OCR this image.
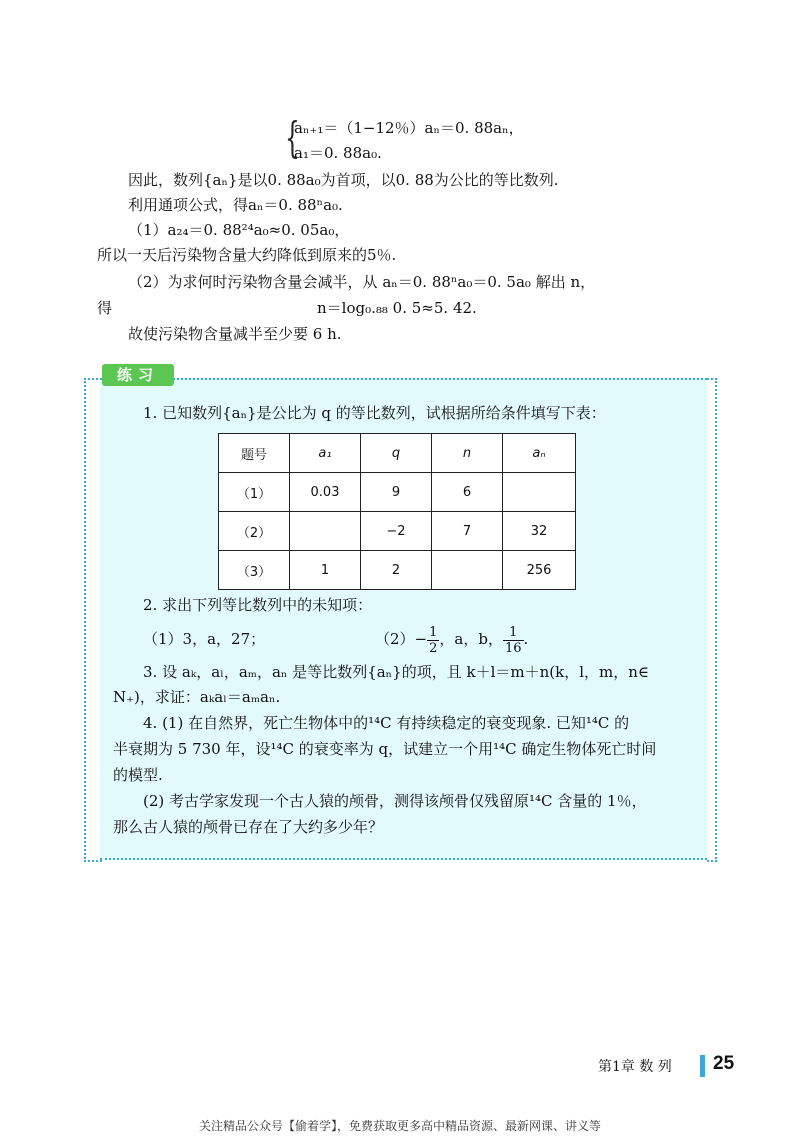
{
aₙ₊₁＝（1−12％）aₙ＝0. 88aₙ，
a₁＝0. 88a₀.
因此，数列{aₙ}是以0. 88a₀为首项，以0. 88为公比的等比数列.
利用通项公式，得aₙ＝0. 88ⁿa₀.
（1）a₂₄＝0. 88²⁴a₀≈0. 05a₀，
所以一天后污染物含量大约降低到原来的5％.
（2）为求何时污染物含量会减半，从 aₙ＝0. 88ⁿa₀＝0. 5a₀ 解出 n，
得	n＝log₀.₈₈ 0. 5≈5. 42.
故使污染物含量减半至少要 6 h.
练习
1. 已知数列{aₙ}是公比为 q 的等比数列，试根据所给条件填写下表：
题号	a₁	q	n	aₙ
（1）	0.03	9	6	
（2）		−2	7	32
（3）	1	2		256
2. 求出下列等比数列中的未知项：
（1）3，a，27；	$(2)- \frac{1}{2}$ ，a，b， $\frac{1}{16}$ .
3. 设 aₖ，aₗ，aₘ，aₙ 是等比数列{aₙ}的项，且 k＋l＝m＋n(k，l，m，n∈
N₊)，求证：aₖaₗ＝aₘaₙ.
4. (1) 在自然界，死亡生物体中的¹⁴C 有持续稳定的衰变现象. 已知¹⁴C 的
半衰期为 5 730 年，设¹⁴C 的衰变率为 q，试建立一个用¹⁴C 确定生物体死亡时间
的模型.
(2) 考古学家发现一个古人猿的颅骨，测得该颅骨仅残留原¹⁴C 含量的 1％，
那么古人猿的颅骨已存在了大约多少年？
第1章 数 列 25
关注精品公众号【偷着学】，免费获取更多高中精品资源、最新网课、讲义等
